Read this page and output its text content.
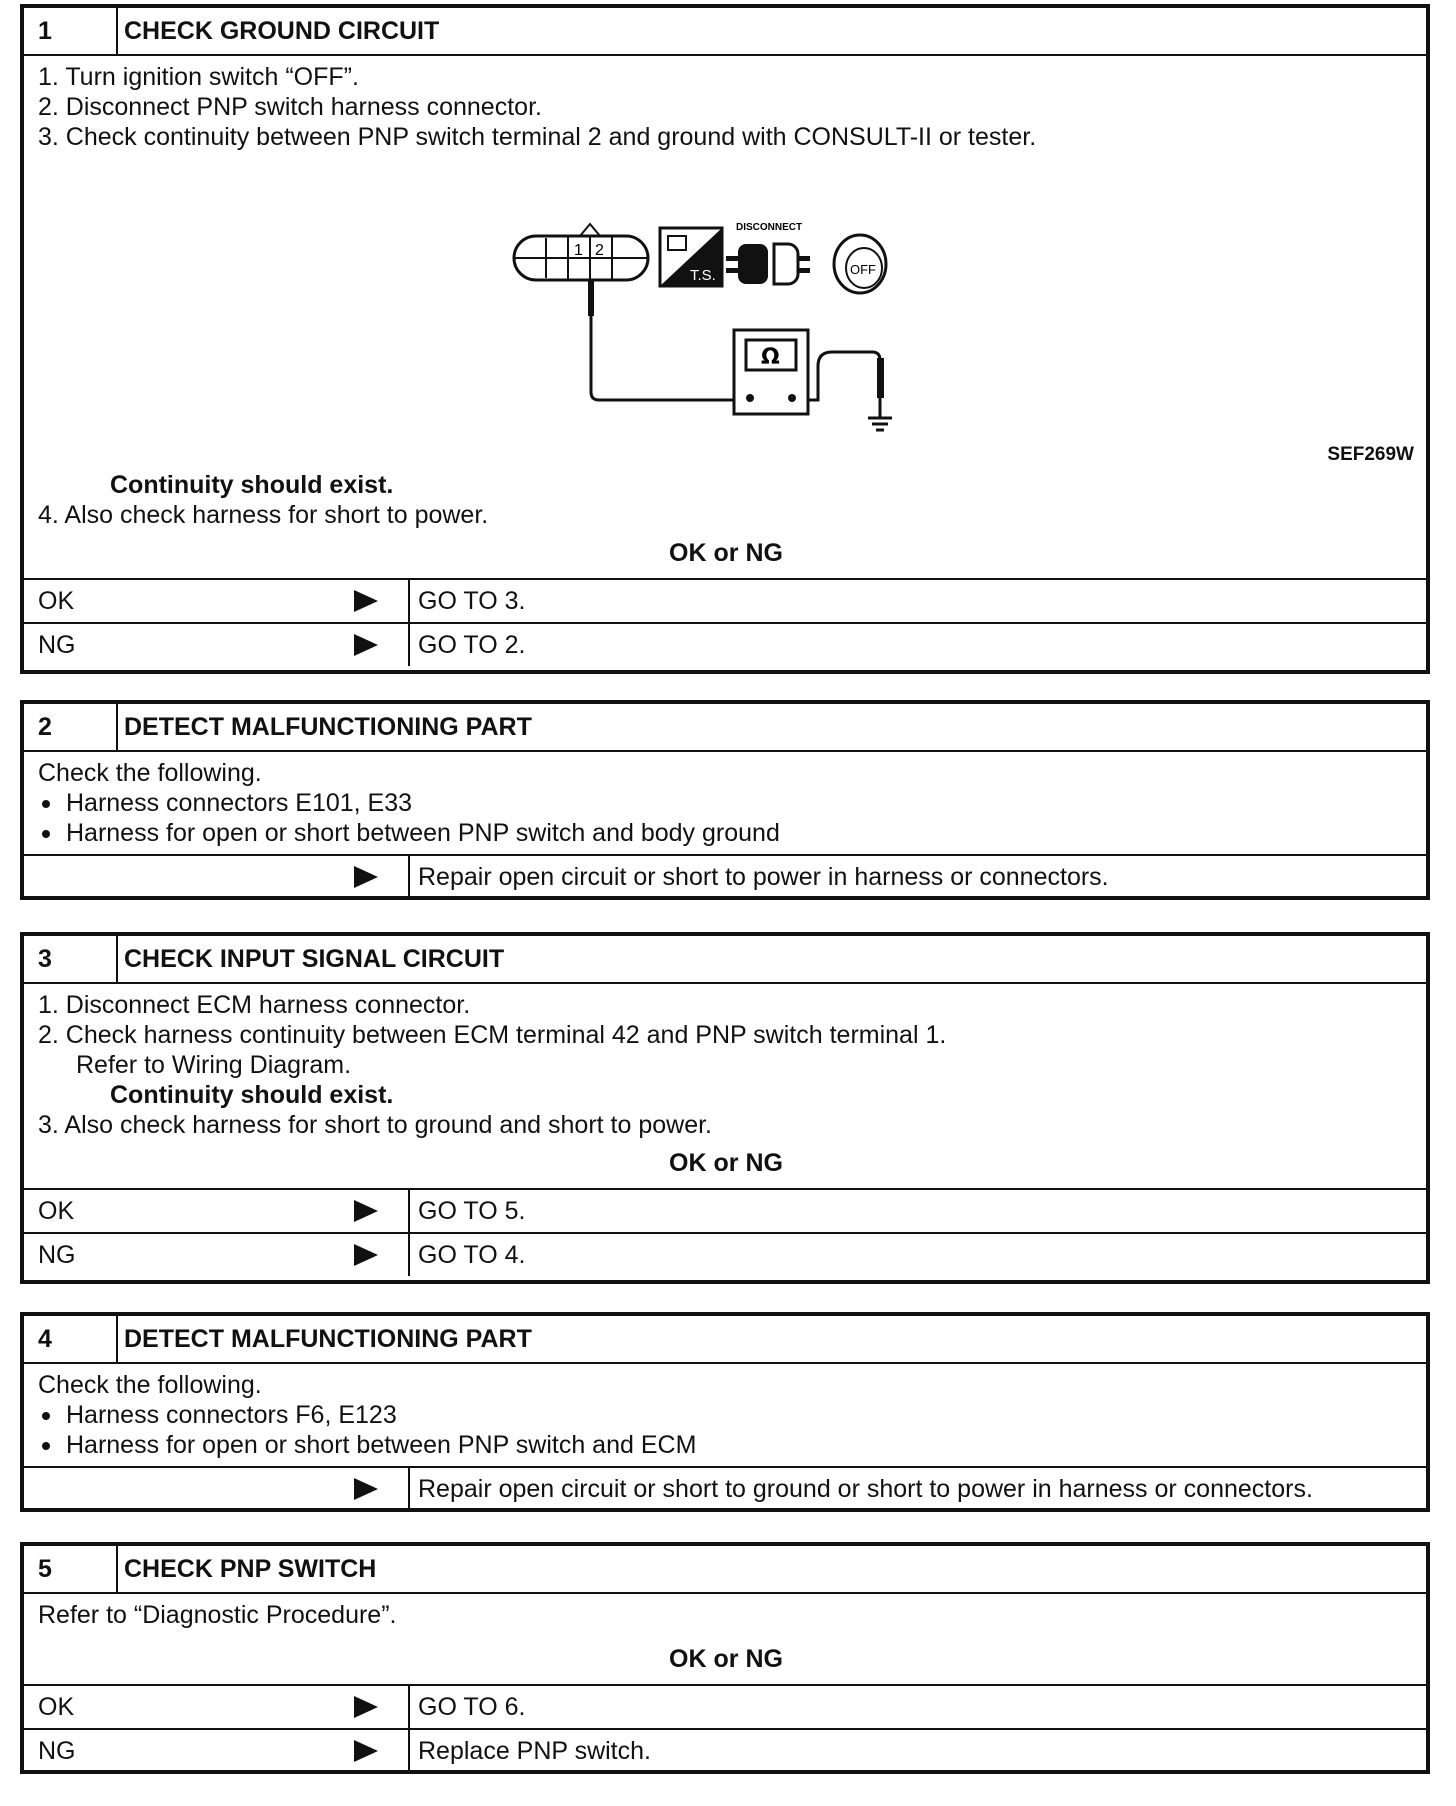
1	CHECK GROUND CIRCUIT

1. Turn ignition switch “OFF”.

2. Disconnect PNP switch harness connector.

3. Check continuity between PNP switch terminal 2 and ground with CONSULT-II or tester.

1 2
T.S.
DISCONNECT
OFF
Ω
SEF269W

Continuity should exist.

4. Also check harness for short to power.

OK or NG
OK	GO TO 3.
NG	GO TO 2.
2	DETECT MALFUNCTIONING PART

Check the following.

Harness connectors E101, E33

Harness for open or short between PNP switch and body ground

Repair open circuit or short to power in harness or connectors.
3	CHECK INPUT SIGNAL CIRCUIT

1. Disconnect ECM harness connector.

2. Check harness continuity between ECM terminal 42 and PNP switch terminal 1.

Refer to Wiring Diagram.

Continuity should exist.

3. Also check harness for short to ground and short to power.

OK or NG
OK	GO TO 5.
NG	GO TO 4.
4	DETECT MALFUNCTIONING PART

Check the following.

Harness connectors F6, E123

Harness for open or short between PNP switch and ECM

Repair open circuit or short to ground or short to power in harness or connectors.
5	CHECK PNP SWITCH

Refer to “Diagnostic Procedure”.

OK or NG
OK	GO TO 6.
NG	Replace PNP switch.
